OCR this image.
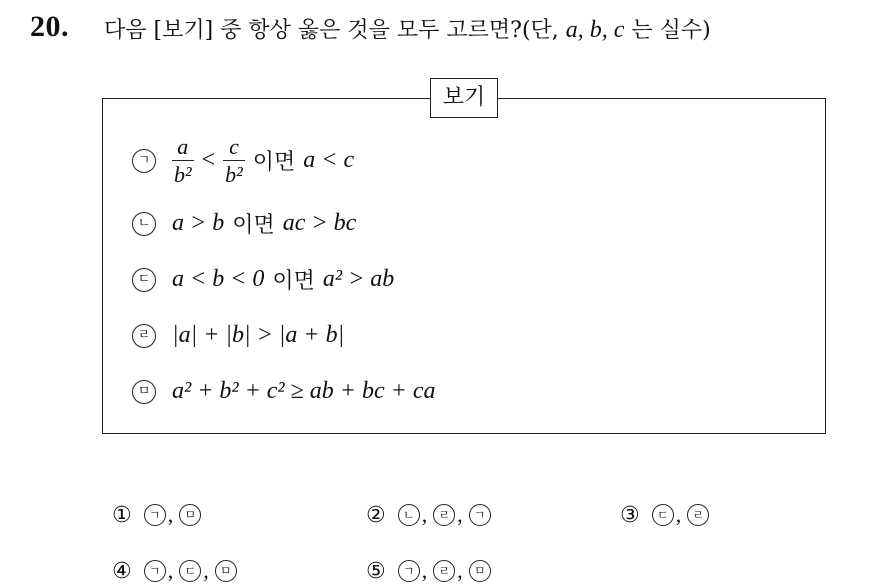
20. 다음 [보기] 중 항상 옳은 것을 모두 고르면?(단, a, b, c 는 실수)
보기
ㄱ $\frac{a}{\text{b²}} < \frac{c}{\text{b²}}$ 이면 a < c
ㄴ a > b 이면 ac > bc
ㄷ a < b < 0 이면 a² > ab
ㄹ |a| + |b| > |a + b|
ㅁ a² + b² + c² ≥ ab + bc + ca
①	ㄱ , ㅁ	②	ㄴ , ㄹ , ㄱ	③	ㄷ , ㄹ
④	ㄱ , ㄷ , ㅁ	⑤	ㄱ , ㄹ , ㅁ
